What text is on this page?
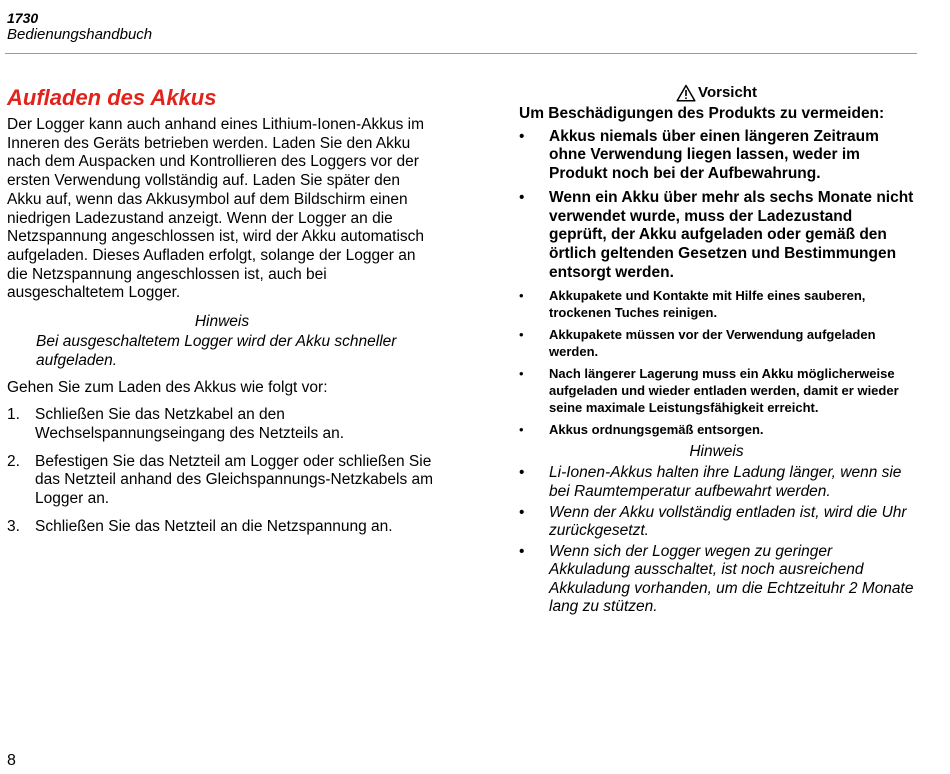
1730
Bedienungshandbuch
Aufladen des Akkus

Der Logger kann auch anhand eines Lithium-Ionen-Akkus im Inneren des Geräts betrieben werden. Laden Sie den Akku nach dem Auspacken und Kontrollieren des Loggers vor der ersten Verwendung vollständig auf. Laden Sie später den Akku auf, wenn das Akkusymbol auf dem Bildschirm einen niedrigen Ladezustand anzeigt. Wenn der Logger an die Netzspannung angeschlossen ist, wird der Akku automatisch aufgeladen. Dieses Aufladen erfolgt, solange der Logger an die Netzspannung angeschlossen ist, auch bei ausgeschaltetem Logger.

Hinweis
Bei ausgeschaltetem Logger wird der Akku schneller aufgeladen.
Gehen Sie zum Laden des Akkus wie folgt vor:
1. Schließen Sie das Netzkabel an den Wechselspannungseingang des Netzteils an.
2. Befestigen Sie das Netzteil am Logger oder schließen Sie das Netzteil anhand des Gleichspannungs-Netzkabels am Logger an.
3. Schließen Sie das Netzteil an die Netzspannung an.
Vorsicht
Um Beschädigungen des Produkts zu vermeiden:
• Akkus niemals über einen längeren Zeitraum ohne Verwendung liegen lassen, weder im Produkt noch bei der Aufbewahrung.
• Wenn ein Akku über mehr als sechs Monate nicht verwendet wurde, muss der Ladezustand geprüft, der Akku aufgeladen oder gemäß den örtlich geltenden Gesetzen und Bestimmungen entsorgt werden.
• Akkupakete und Kontakte mit Hilfe eines sauberen, trockenen Tuches reinigen.
• Akkupakete müssen vor der Verwendung aufgeladen werden.
• Nach längerer Lagerung muss ein Akku möglicherweise aufgeladen und wieder entladen werden, damit er wieder seine maximale Leistungsfähigkeit erreicht.
• Akkus ordnungsgemäß entsorgen.
Hinweis
• Li-Ionen-Akkus halten ihre Ladung länger, wenn sie bei Raumtemperatur aufbewahrt werden.
• Wenn der Akku vollständig entladen ist, wird die Uhr zurückgesetzt.
• Wenn sich der Logger wegen zu geringer Akkuladung ausschaltet, ist noch ausreichend Akkuladung vorhanden, um die Echtzeituhr 2 Monate lang zu stützen.
8
